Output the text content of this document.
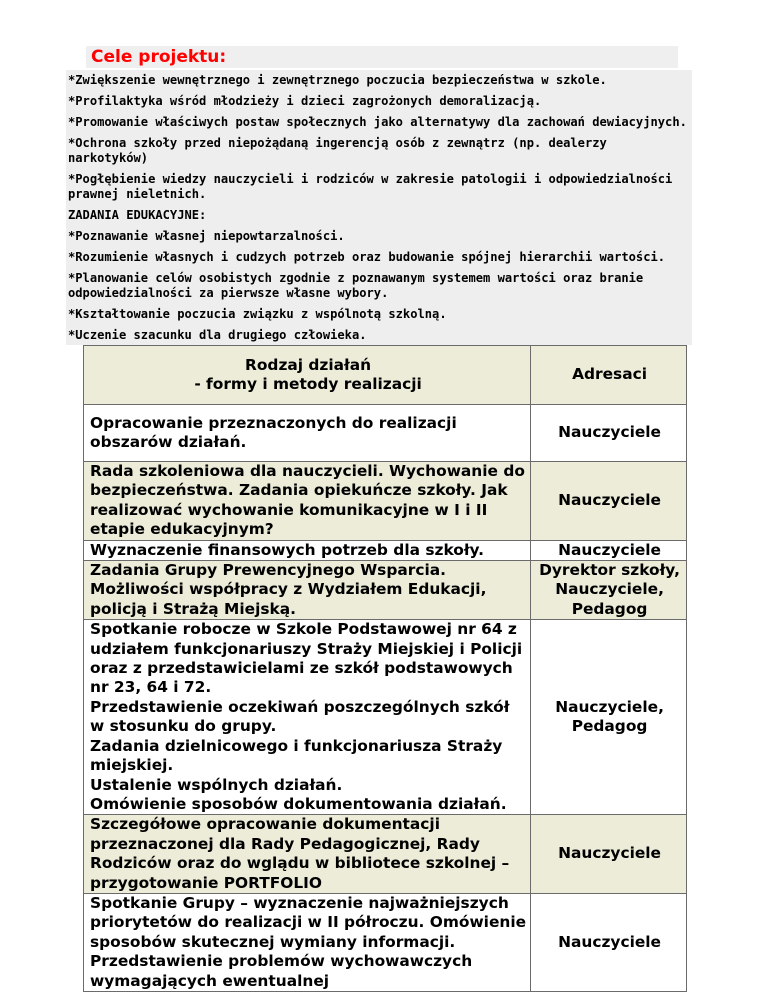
Cele projektu:
*Zwiększenie wewnętrznego i zewnętrznego poczucia bezpieczeństwa w szkole.
*Profilaktyka wśród młodzieży i dzieci zagrożonych demoralizacją.
*Promowanie właściwych postaw społecznych jako alternatywy dla zachowań dewiacyjnych.
*Ochrona szkoły przed niepożądaną ingerencją osób z zewnątrz (np. dealerzy narkotyków)
*Pogłębienie wiedzy nauczycieli i rodziców w zakresie patologii i odpowiedzialności prawnej nieletnich.
ZADANIA EDUKACYJNE:
*Poznawanie własnej niepowtarzalności.
*Rozumienie własnych i cudzych potrzeb oraz budowanie spójnej hierarchii wartości.
*Planowanie celów osobistych zgodnie z poznawanym systemem wartości oraz branie odpowiedzialności za pierwsze własne wybory.
*Kształtowanie poczucia związku z wspólnotą szkolną.
*Uczenie szacunku dla drugiego człowieka.
Rodzaj działań
- formy i metody realizacji	Adresaci
Opracowanie przeznaczonych do realizacji obszarów działań.	Nauczyciele
Rada szkoleniowa dla nauczycieli. Wychowanie do bezpieczeństwa. Zadania opiekuńcze szkoły. Jak realizować wychowanie komunikacyjne w I i II etapie edukacyjnym?	Nauczyciele
Wyznaczenie finansowych potrzeb dla szkoły.	Nauczyciele
Zadania Grupy Prewencyjnego Wsparcia. Możliwości współpracy z Wydziałem Edukacji, policją i Strażą Miejską.	Dyrektor szkoły, Nauczyciele, Pedagog
Spotkanie robocze w Szkole Podstawowej nr 64 z udziałem funkcjonariuszy Straży Miejskiej i Policji oraz z przedstawicielami ze szkół podstawowych nr 23, 64 i 72.
Przedstawienie oczekiwań poszczególnych szkół w stosunku do grupy.
Zadania dzielnicowego i funkcjonariusza Straży miejskiej.
Ustalenie wspólnych działań.
Omówienie sposobów dokumentowania działań.	Nauczyciele, Pedagog
Szczegółowe opracowanie dokumentacji przeznaczonej dla Rady Pedagogicznej, Rady Rodziców oraz do wglądu w bibliotece szkolnej – przygotowanie PORTFOLIO	Nauczyciele
Spotkanie Grupy – wyznaczenie najważniejszych priorytetów do realizacji w II półroczu. Omówienie sposobów skutecznej wymiany informacji. Przedstawienie problemów wychowawczych wymagających ewentualnej	Nauczyciele
